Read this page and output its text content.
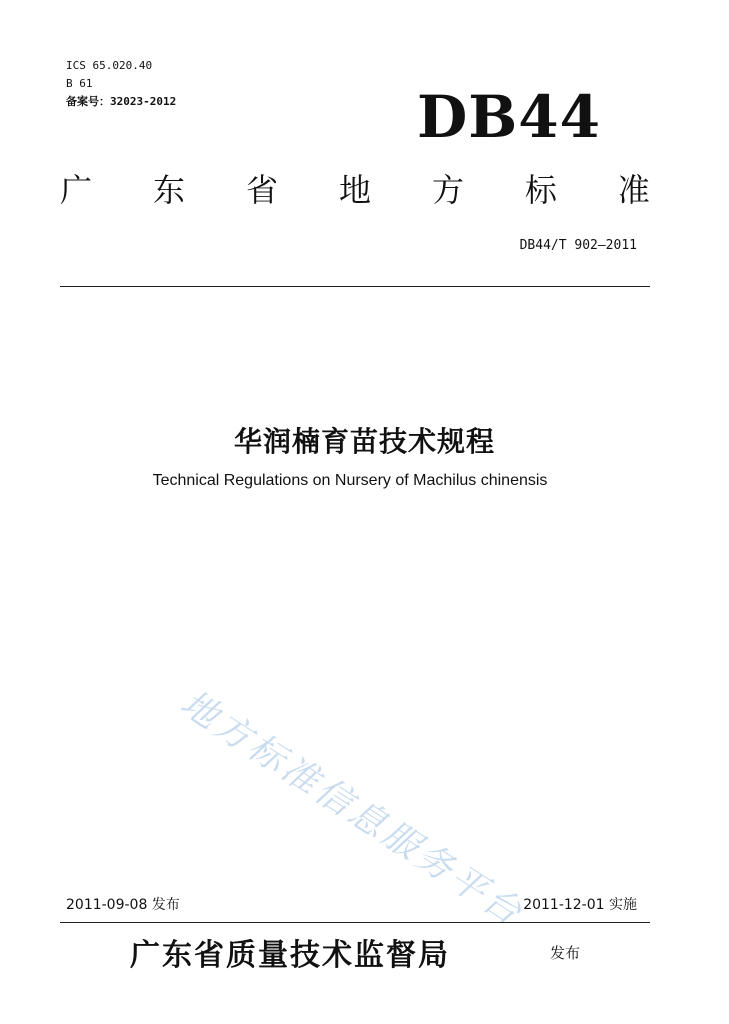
ICS 65.020.40
B 61
备案号：32023-2012	DB44
广 东 省 地 方 标 准
DB44/T 902—2011
华润楠育苗技术规程
Technical Regulations on Nursery of Machilus chinensis
地方标准信息服务平台
2011-09-08 发布	2011-12-01 实施
广东省质量技术监督局	发布
